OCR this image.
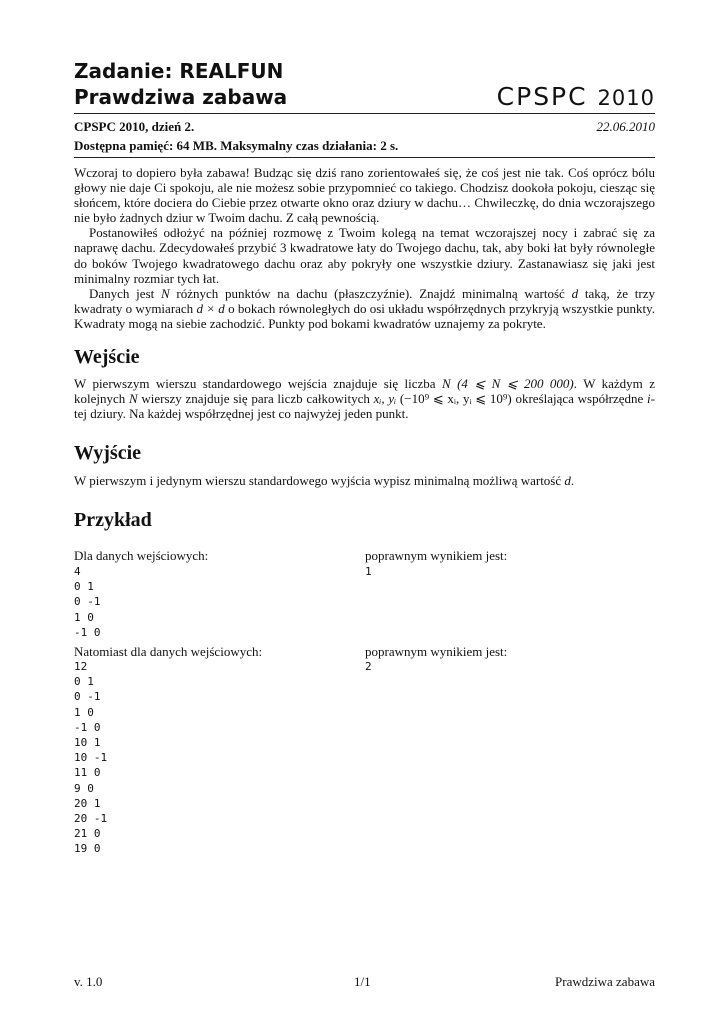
Zadanie: REALFUN
Prawdziwa zabawa	CPSPC 2010
CPSPC 2010, dzień 2.	22.06.2010
Dostępna pamięć: 64 MB. Maksymalny czas działania: 2 s.

Wczoraj to dopiero była zabawa! Budząc się dziś rano zorientowałeś się, że coś jest nie tak. Coś oprócz bólu głowy nie daje Ci spokoju, ale nie możesz sobie przypomnieć co takiego. Chodzisz dookoła pokoju, ciesząc się słońcem, które dociera do Ciebie przez otwarte okno oraz dziury w dachu… Chwileczkę, do dnia wczorajszego nie było żadnych dziur w Twoim dachu. Z całą pewnością.

Postanowiłeś odłożyć na później rozmowę z Twoim kolegą na temat wczorajszej nocy i zabrać się za naprawę dachu. Zdecydowałeś przybić 3 kwadratowe łaty do Twojego dachu, tak, aby boki łat były równoległe do boków Twojego kwadratowego dachu oraz aby pokryły one wszystkie dziury. Zastanawiasz się jaki jest minimalny rozmiar tych łat.

Danych jest N różnych punktów na dachu (płaszczyźnie). Znajdź minimalną wartość d taką, że trzy kwadraty o wymiarach d × d o bokach równoległych do osi układu współrzędnych przykryją wszystkie punkty. Kwadraty mogą na siebie zachodzić. Punkty pod bokami kwadratów uznajemy za pokryte.

Wejście

W pierwszym wierszu standardowego wejścia znajduje się liczba N (4 ⩽ N ⩽ 200 000). W każdym z kolejnych N wierszy znajduje się para liczb całkowitych xᵢ, yᵢ (−10⁹ ⩽ xᵢ, yᵢ ⩽ 10⁹) określająca współrzędne i-tej dziury. Na każdej współrzędnej jest co najwyżej jeden punkt.

Wyjście

W pierwszym i jedynym wierszu standardowego wyjścia wypisz minimalną możliwą wartość d.

Przykład
Dla danych wejściowych:	poprawnym wynikiem jest:
4
0 1
0 -1
1 0
-1 0
1
Natomiast dla danych wejściowych:	poprawnym wynikiem jest:
12
0 1
0 -1
1 0
-1 0
10 1
10 -1
11 0
9 0
20 1
20 -1
21 0
19 0
2
v. 1.0	1/1	Prawdziwa zabawa
